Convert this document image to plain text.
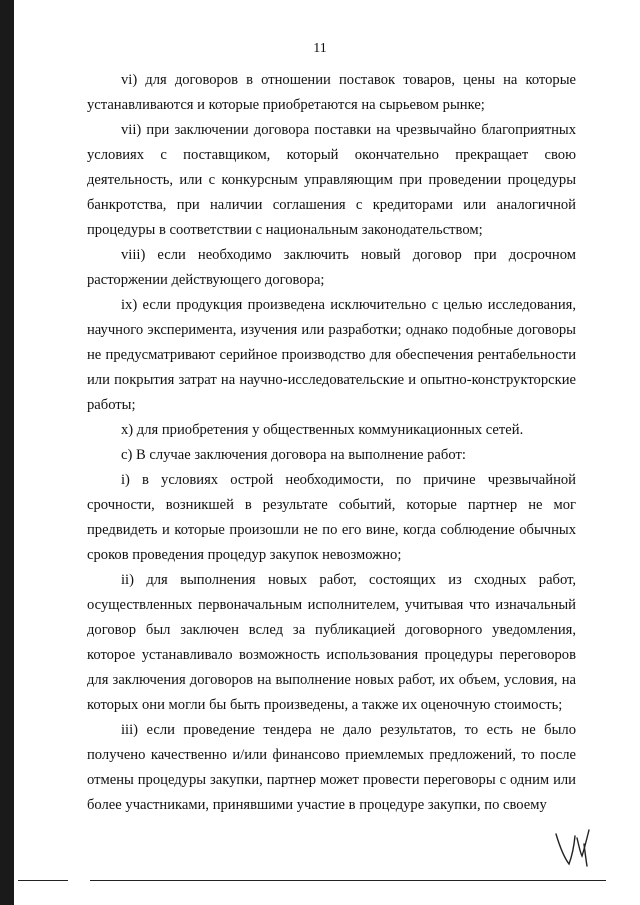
11

vi) для договоров в отношении поставок товаров, цены на которые устанавливаются и которые приобретаются на сырьевом рынке;

vii) при заключении договора поставки на чрезвычайно благоприятных условиях с поставщиком, который окончательно прекращает свою деятельность, или с конкурсным управляющим при проведении процедуры банкротства, при наличии соглашения с кредиторами или аналогичной процедуры в соответствии с национальным законодательством;

viii) если необходимо заключить новый договор при досрочном расторжении действующего договора;

ix) если продукция произведена исключительно с целью исследования, научного эксперимента, изучения или разработки; однако подобные договоры не предусматривают серийное производство для обеспечения рентабельности или покрытия затрат на научно-исследовательские и опытно-конструкторские работы;

x) для приобретения у общественных коммуникационных сетей.

c) В случае заключения договора на выполнение работ:

i) в условиях острой необходимости, по причине чрезвычайной срочности, возникшей в результате событий, которые партнер не мог предвидеть и которые произошли не по его вине, когда соблюдение обычных сроков проведения процедур закупок невозможно;

ii) для выполнения новых работ, состоящих из сходных работ, осуществленных первоначальным исполнителем, учитывая что изначальный договор был заключен вслед за публикацией договорного уведомления, которое устанавливало возможность использования процедуры переговоров для заключения договоров на выполнение новых работ, их объем, условия, на которых они могли бы быть произведены, а также их оценочную стоимость;

iii) если проведение тендера не дало результатов, то есть не было получено качественно и/или финансово приемлемых предложений, то после отмены процедуры закупки, партнер может провести переговоры с одним или более участниками, принявшими участие в процедуре закупки, по своему
